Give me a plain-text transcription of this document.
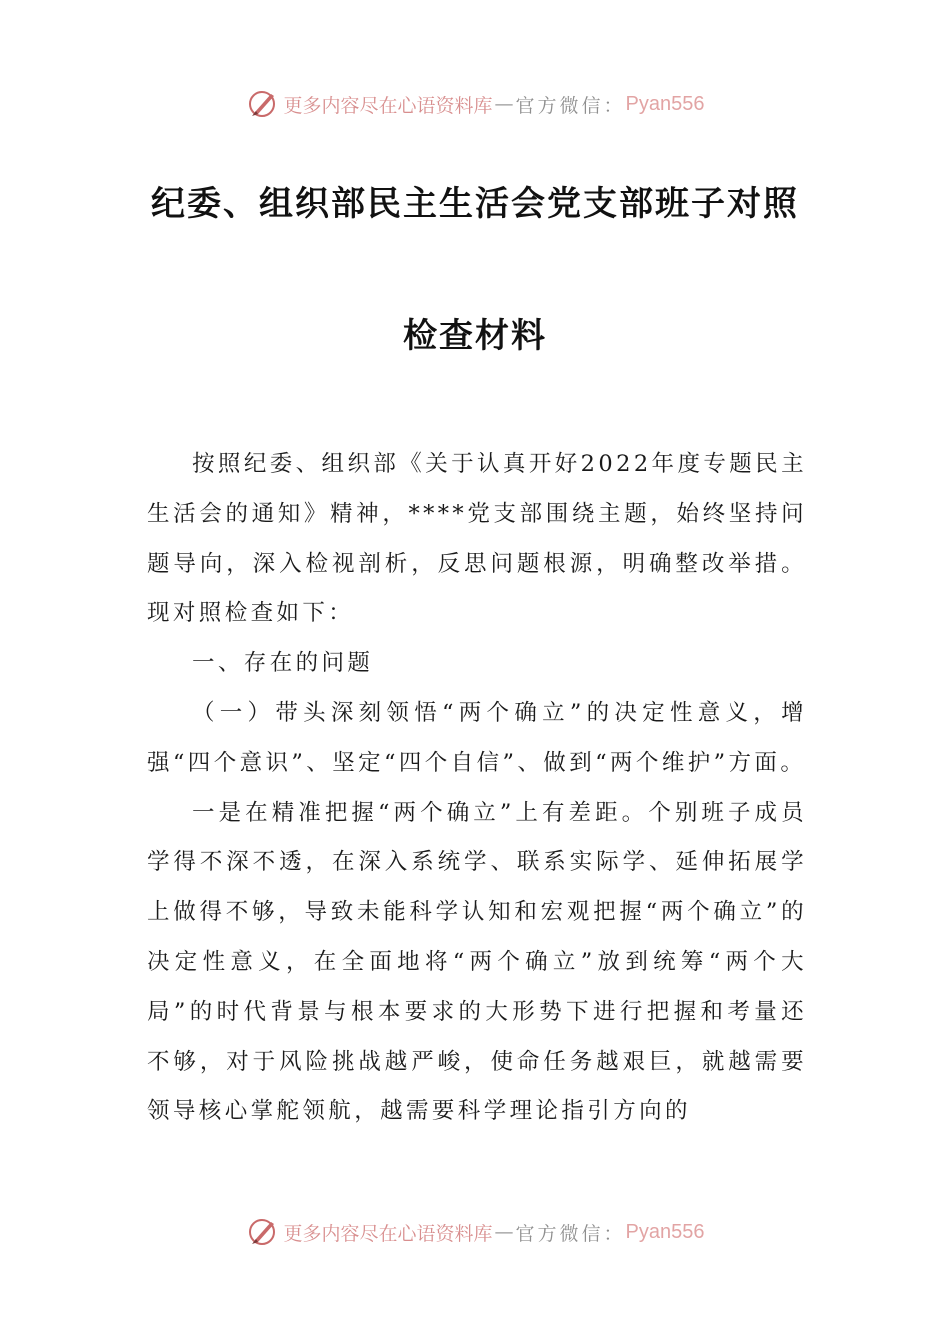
更多内容尽在心语资料库 — 官方微信： Pyan556
纪委、组织部民主生活会党支部班子对照
检查材料

按照纪委、组织部《关于认真开好2022年度专题民主生活会的通知》精神，****党支部围绕主题，始终坚持问题导向，深入检视剖析，反思问题根源，明确整改举措。现对照检查如下：

一、存在的问题

（一）带头深刻领悟“两个确立”的决定性意义，增强“四个意识”、坚定“四个自信”、做到“两个维护”方面。

一是在精准把握“两个确立”上有差距。个别班子成员学得不深不透，在深入系统学、联系实际学、延伸拓展学上做得不够，导致未能科学认知和宏观把握“两个确立”的决定性意义，在全面地将“两个确立”放到统筹“两个大局”的时代背景与根本要求的大形势下进行把握和考量还不够，对于风险挑战越严峻，使命任务越艰巨，就越需要领导核心掌舵领航，越需要科学理论指引方向的

更多内容尽在心语资料库 — 官方微信： Pyan556
